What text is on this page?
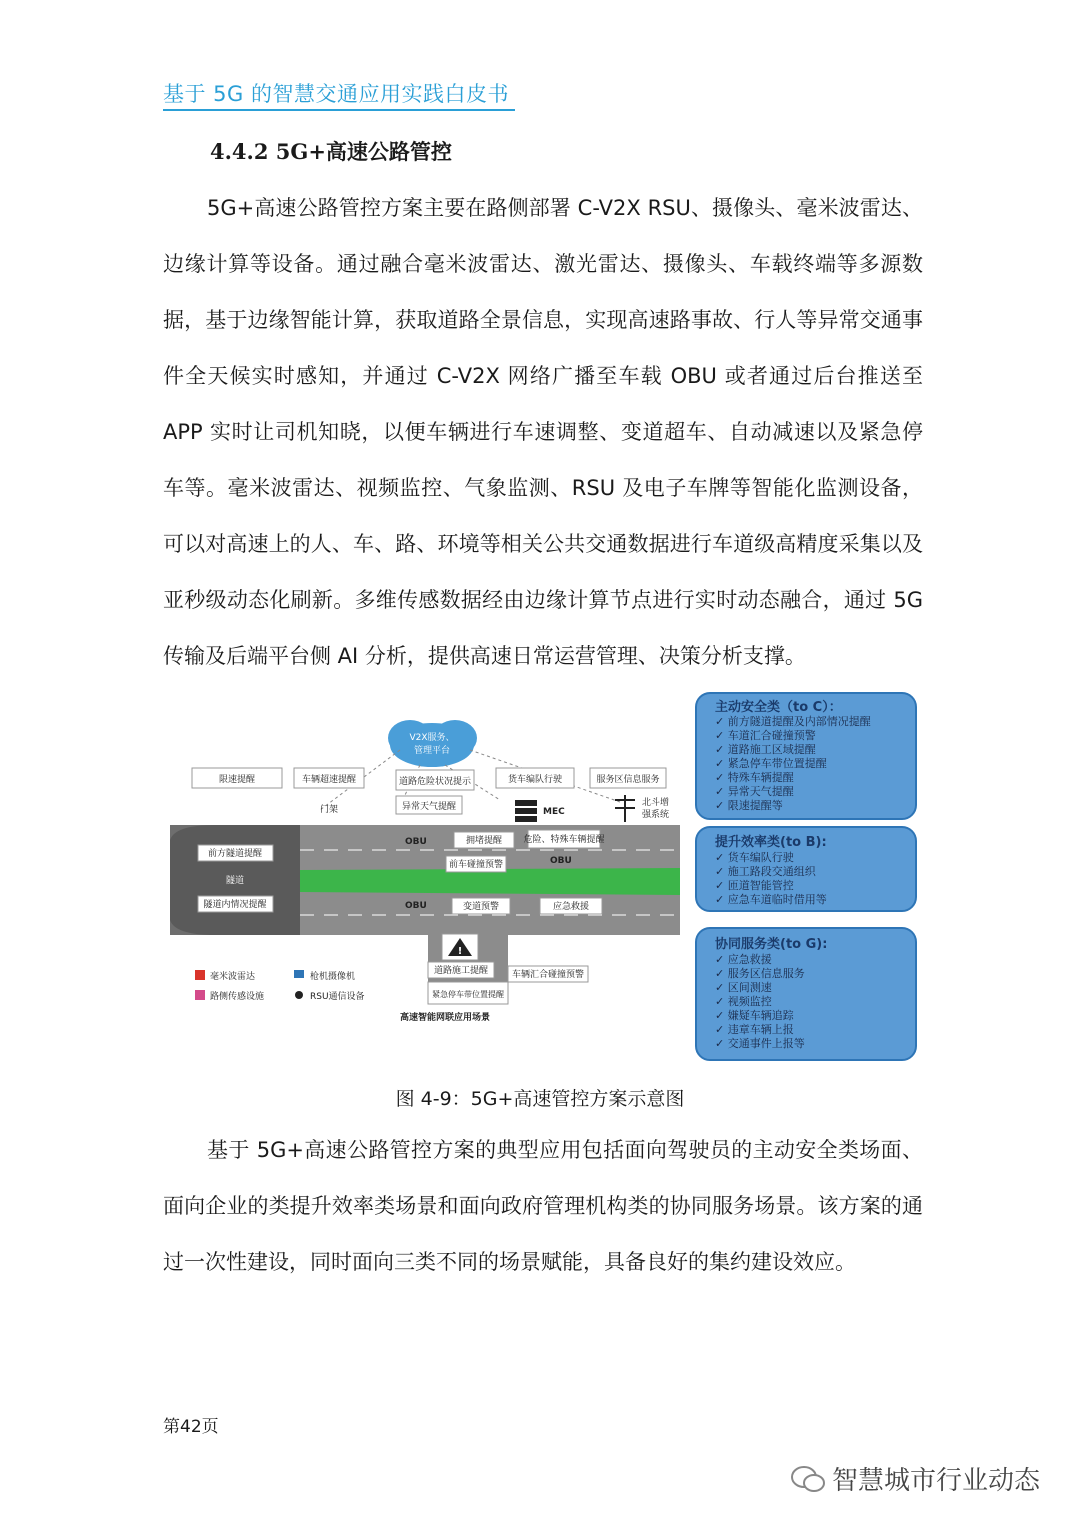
基于 5G 的智慧交通应用实践白皮书
4.4.2 5G+高速公路管控
5G+高速公路管控方案主要在路侧部署 C-V2X RSU、摄像头、毫米波雷达、边缘计算等设备。通过融合毫米波雷达、激光雷达、摄像头、车载终端等多源数据，基于边缘智能计算，获取道路全景信息，实现高速路事故、行人等异常交通事件全天候实时感知，并通过 C-V2X 网络广播至车载 OBU 或者通过后台推送至 APP 实时让司机知晓，以便车辆进行车速调整、变道超车、自动减速以及紧急停车等。毫米波雷达、视频监控、气象监测、RSU 及电子车牌等智能化监测设备，可以对高速上的人、车、路、环境等相关公共交通数据进行车道级高精度采集以及亚秒级动态化刷新。多维传感数据经由边缘计算节点进行实时动态融合，通过 5G 传输及后端平台侧 AI 分析，提供高速日常运营管理、决策分析支撑。
V2X服务、
管理平台
限速提醒	车辆超速提醒	道路危险状况提示	货车编队行驶	服务区信息服务
异常天气提醒
门架	MEC
北斗增
强系统
前方隧道提醒
隧道
隧道内情况提醒
OBU
OBU
OBU
拥堵提醒 危险、特殊车辆提醒
前车碰撞预警
变道预警	应急救援
!
道路施工提醒	车辆汇合碰撞预警
紧急停车带位置提醒
毫米波雷达	枪机摄像机
路侧传感设施	RSU通信设备
高速智能网联应用场景
主动安全类（to C）：
✓ 前方隧道提醒及内部情况提醒
✓ 车道汇合碰撞预警
✓ 道路施工区域提醒
✓ 紧急停车带位置提醒
✓ 特殊车辆提醒
✓ 异常天气提醒
✓ 限速提醒等
提升效率类(to B):
✓ 货车编队行驶
✓ 施工路段交通组织
✓ 匝道智能管控
✓ 应急车道临时借用等
协同服务类(to G):
✓ 应急救援
✓ 服务区信息服务
✓ 区间测速
✓ 视频监控
✓ 嫌疑车辆追踪
✓ 违章车辆上报
✓ 交通事件上报等
图 4-9：5G+高速管控方案示意图
基于 5G+高速公路管控方案的典型应用包括面向驾驶员的主动安全类场面、面向企业的类提升效率类场景和面向政府管理机构类的协同服务场景。该方案的通过一次性建设，同时面向三类不同的场景赋能，具备良好的集约建设效应。
第42页
智慧城市行业动态
